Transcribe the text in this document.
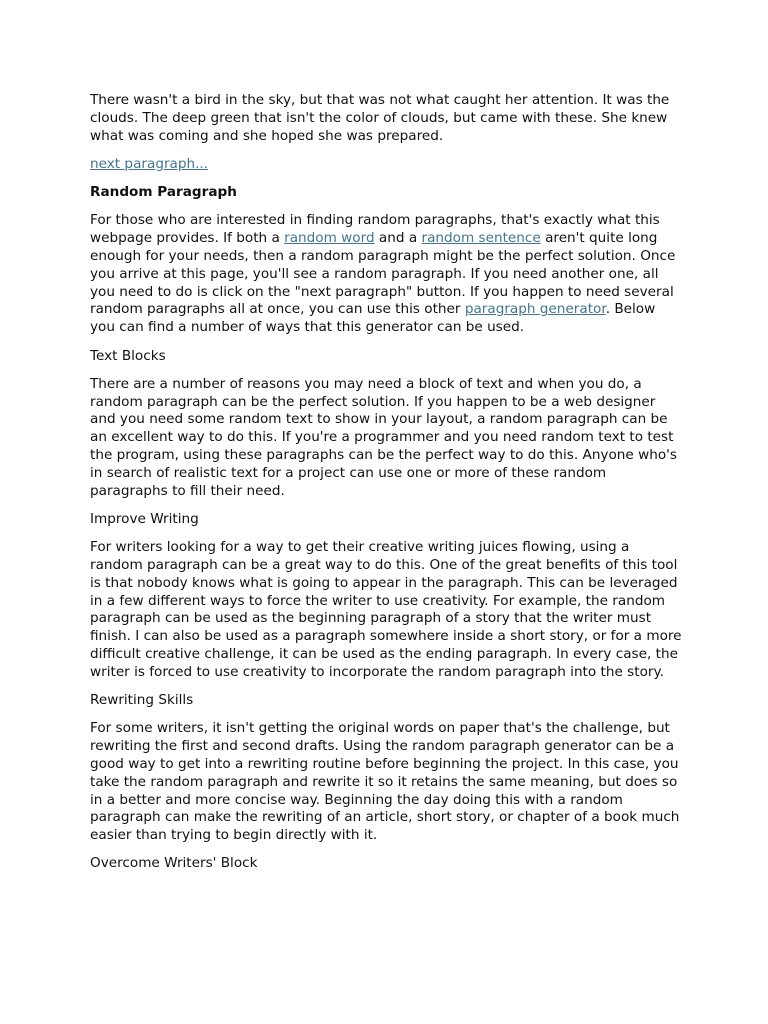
There wasn't a bird in the sky, but that was not what caught her attention. It was the clouds. The deep green that isn't the color of clouds, but came with these. She knew what was coming and she hoped she was prepared.

next paragraph...

Random Paragraph

For those who are interested in finding random paragraphs, that's exactly what this webpage provides. If both a random word and a random sentence aren't quite long enough for your needs, then a random paragraph might be the perfect solution. Once you arrive at this page, you'll see a random paragraph. If you need another one, all you need to do is click on the "next paragraph" button. If you happen to need several random paragraphs all at once, you can use this other paragraph generator. Below you can find a number of ways that this generator can be used.

Text Blocks

There are a number of reasons you may need a block of text and when you do, a random paragraph can be the perfect solution. If you happen to be a web designer and you need some random text to show in your layout, a random paragraph can be an excellent way to do this. If you're a programmer and you need random text to test the program, using these paragraphs can be the perfect way to do this. Anyone who's in search of realistic text for a project can use one or more of these random paragraphs to fill their need.

Improve Writing

For writers looking for a way to get their creative writing juices flowing, using a random paragraph can be a great way to do this. One of the great benefits of this tool is that nobody knows what is going to appear in the paragraph. This can be leveraged in a few different ways to force the writer to use creativity. For example, the random paragraph can be used as the beginning paragraph of a story that the writer must finish. I can also be used as a paragraph somewhere inside a short story, or for a more difficult creative challenge, it can be used as the ending paragraph. In every case, the writer is forced to use creativity to incorporate the random paragraph into the story.

Rewriting Skills

For some writers, it isn't getting the original words on paper that's the challenge, but rewriting the first and second drafts. Using the random paragraph generator can be a good way to get into a rewriting routine before beginning the project. In this case, you take the random paragraph and rewrite it so it retains the same meaning, but does so in a better and more concise way. Beginning the day doing this with a random paragraph can make the rewriting of an article, short story, or chapter of a book much easier than trying to begin directly with it.

Overcome Writers' Block
